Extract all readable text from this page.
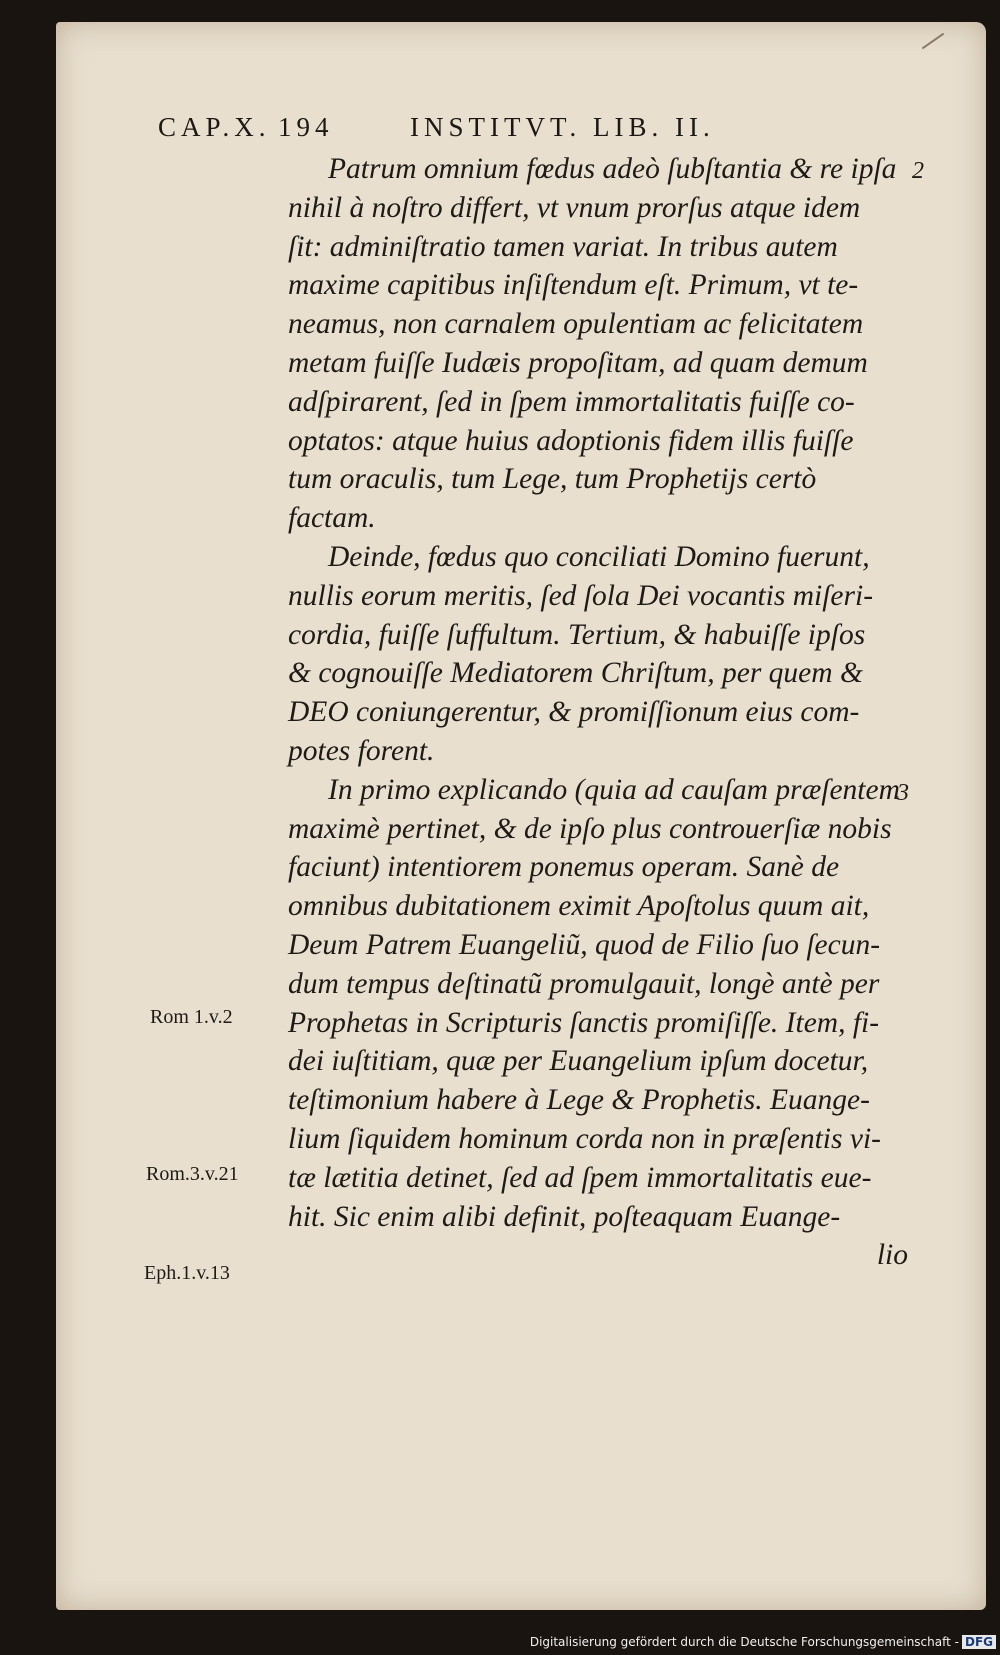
CAP.X. 194	INSTITVT. LIB. II.
2
3
Patrum omnium fœdus adeò ſubſtantia & re ipſa
nihil à noſtro differt, vt vnum prorſus atque idem
ſit: adminiſtratio tamen variat. In tribus autem
maxime capitibus inſiſtendum eſt. Primum, vt te-
neamus, non carnalem opulentiam ac felicitatem
metam fuiſſe Iudæis propoſitam, ad quam demum
adſpirarent, ſed in ſpem immortalitatis fuiſſe co-
optatos: atque huius adoptionis fidem illis fuiſſe
tum oraculis, tum Lege, tum Prophetijs certò
factam.
Deinde, fœdus quo conciliati Domino fuerunt,
nullis eorum meritis, ſed ſola Dei vocantis miſeri-
cordia, fuiſſe ſuffultum. Tertium, & habuiſſe ipſos
& cognouiſſe Mediatorem Chriſtum, per quem &
DEO coniungerentur, & promiſſionum eius com-
potes forent.
In primo explicando (quia ad cauſam præſentem
maximè pertinet, & de ipſo plus controuerſiæ nobis
faciunt) intentiorem ponemus operam. Sanè de
omnibus dubitationem eximit Apoſtolus quum ait,
Deum Patrem Euangeliũ, quod de Filio ſuo ſecun-
dum tempus deſtinatũ promulgauit, longè antè per
Prophetas in Scripturis ſanctis promiſiſſe. Item, fi-
dei iuſtitiam, quæ per Euangelium ipſum docetur,
teſtimonium habere à Lege & Prophetis. Euange-
lium ſiquidem hominum corda non in præſentis vi-
tæ lætitia detinet, ſed ad ſpem immortalitatis eue-
hit. Sic enim alibi definit, poſteaquam Euange-
lio
Rom 1.v.2
Rom.3.v.21
Eph.1.v.13
Digitalisierung gefördert durch die Deutsche Forschungsgemeinschaft - DFG
